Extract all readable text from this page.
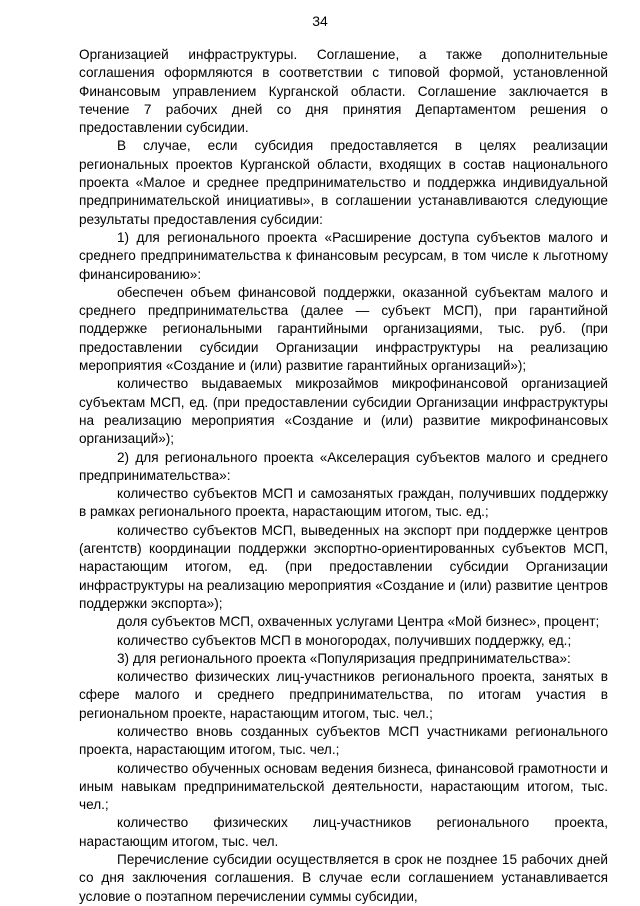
34

Организацией инфраструктуры. Соглашение, а также дополнительные соглашения оформляются в соответствии с типовой формой, установленной Финансовым управлением Курганской области. Соглашение заключается в течение 7 рабочих дней со дня принятия Департаментом решения о предоставлении субсидии.

В случае, если субсидия предоставляется в целях реализации региональных проектов Курганской области, входящих в состав национального проекта «Малое и среднее предпринимательство и поддержка индивидуальной предпринимательской инициативы», в соглашении устанавливаются следующие результаты предоставления субсидии:

1) для регионального проекта «Расширение доступа субъектов малого и среднего предпринимательства к финансовым ресурсам, в том числе к льготному финансированию»:

обеспечен объем финансовой поддержки, оказанной субъектам малого и среднего предпринимательства (далее — субъект МСП), при гарантийной поддержке региональными гарантийными организациями, тыс. руб. (при предоставлении субсидии Организации инфраструктуры на реализацию мероприятия «Создание и (или) развитие гарантийных организаций»);

количество выдаваемых микрозаймов микрофинансовой организацией субъектам МСП, ед. (при предоставлении субсидии Организации инфраструктуры на реализацию мероприятия «Создание и (или) развитие микрофинансовых организаций»);

2) для регионального проекта «Акселерация субъектов малого и среднего предпринимательства»:

количество субъектов МСП и самозанятых граждан, получивших поддержку в рамках регионального проекта, нарастающим итогом, тыс. ед.;

количество субъектов МСП, выведенных на экспорт при поддержке центров (агентств) координации поддержки экспортно-ориентированных субъектов МСП, нарастающим итогом, ед. (при предоставлении субсидии Организации инфраструктуры на реализацию мероприятия «Создание и (или) развитие центров поддержки экспорта»);

доля субъектов МСП, охваченных услугами Центра «Мой бизнес», процент;

количество субъектов МСП в моногородах, получивших поддержку, ед.;

3) для регионального проекта «Популяризация предпринимательства»:

количество физических лиц-участников регионального проекта, занятых в сфере малого и среднего предпринимательства, по итогам участия в региональном проекте, нарастающим итогом, тыс. чел.;

количество вновь созданных субъектов МСП участниками регионального проекта, нарастающим итогом, тыс. чел.;

количество обученных основам ведения бизнеса, финансовой грамотности и иным навыкам предпринимательской деятельности, нарастающим итогом, тыс. чел.;

количество физических лиц-участников регионального проекта, нарастающим итогом, тыс. чел.

Перечисление субсидии осуществляется в срок не позднее 15 рабочих дней со дня заключения соглашения. В случае если соглашением устанавливается условие о поэтапном перечислении суммы субсидии,
